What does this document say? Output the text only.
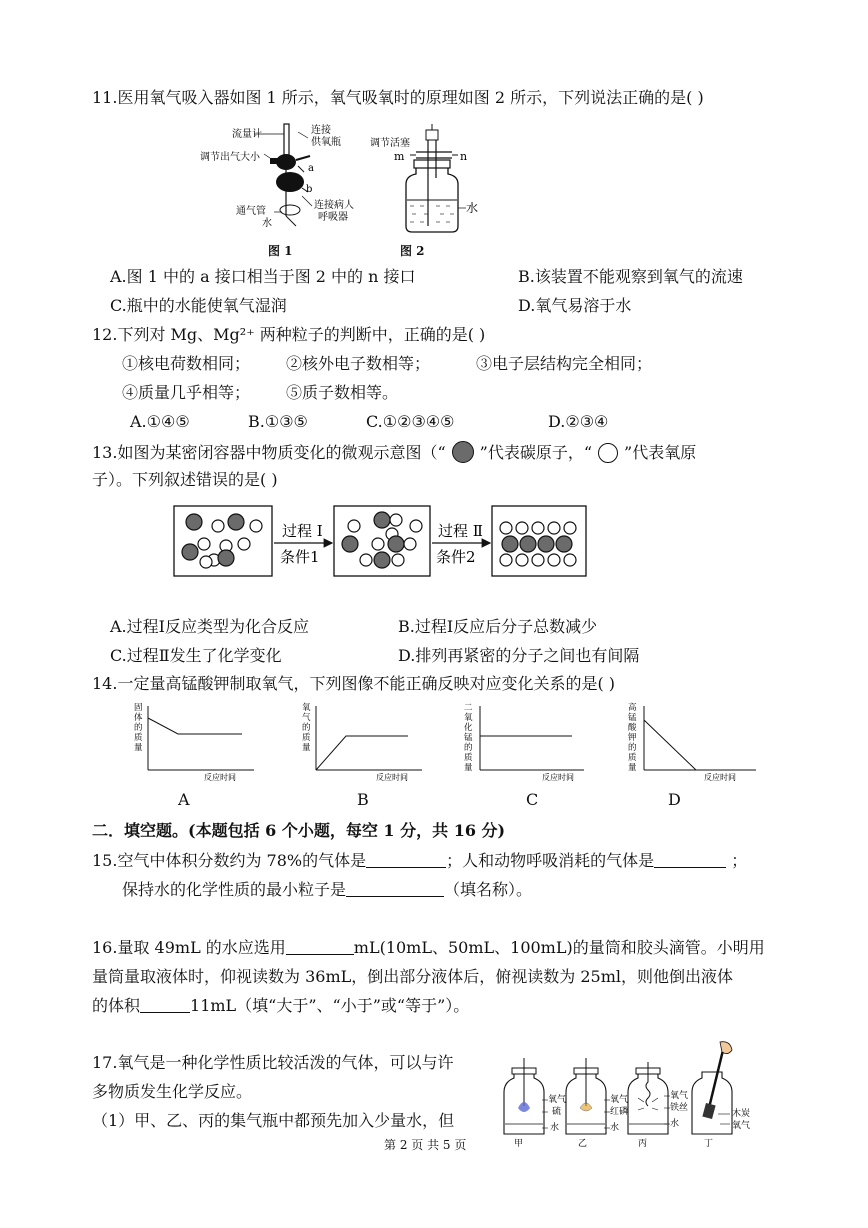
11.医用氧气吸入器如图 1 所示，氧气吸氧时的原理如图 2 所示，下列说法正确的是( )
流量计	连接
供氧瓶
调节出气大小
a
b
通气管
水
连接病人
呼吸器
图 1
调节活塞
m	n
水
图 2
A.图 1 中的 a 接口相当于图 2 中的 n 接口	B.该装置不能观察到氧气的流速
C.瓶中的水能使氧气湿润	D.氧气易溶于水
12.下列对 Mg、Mg²⁺ 两种粒子的判断中，正确的是( )
①核电荷数相同； ②核外电子数相等；	③电子层结构完全相同；
④质量几乎相等； ⑤质子数相等。
A.①④⑤	B.①③⑤	C.①②③④⑤	D.②③④
13.如图为某密闭容器中物质变化的微观示意图（“ ”代表碳原子，“ ”代表氧原
子）。下列叙述错误的是( )
过程 Ⅰ
条件1
过程 Ⅱ
条件2
A.过程Ⅰ反应类型为化合反应	B.过程Ⅰ反应后分子总数减少
C.过程Ⅱ发生了化学变化	D.排列再紧密的分子之间也有间隔
14.一定量高锰酸钾制取氧气，下列图像不能正确反映对应变化关系的是( )
固体的质量
反应时间
A
氧气的质量
反应时间
B
二氧化锰的质量
反应时间
C
高锰酸钾的质量
反应时间
D
二．填空题。(本题包括 6 个小题，每空 1 分，共 16 分)
15.空气中体积分数约为 78%的气体是	；人和动物呼吸消耗的气体是	；
保持水的化学性质的最小粒子是	（填名称）。
16.量取 49mL 的水应选用	mL(10mL、50mL、100mL)的量筒和胶头滴管。小明用
量筒量取液体时，仰视读数为 36mL，倒出部分液体后，俯视读数为 25ml，则他倒出液体
的体积	11mL（填“大于”、“小于”或“等于”）。
17.氧气是一种化学性质比较活泼的气体，可以与许
多物质发生化学反应。
（1）甲、乙、丙的集气瓶中都预先加入少量水，但
氧气
硫
水
甲
氧气
红磷
水
乙
氧气
铁丝
水
丙
木炭
氧气
丁
第 2 页 共 5 页
